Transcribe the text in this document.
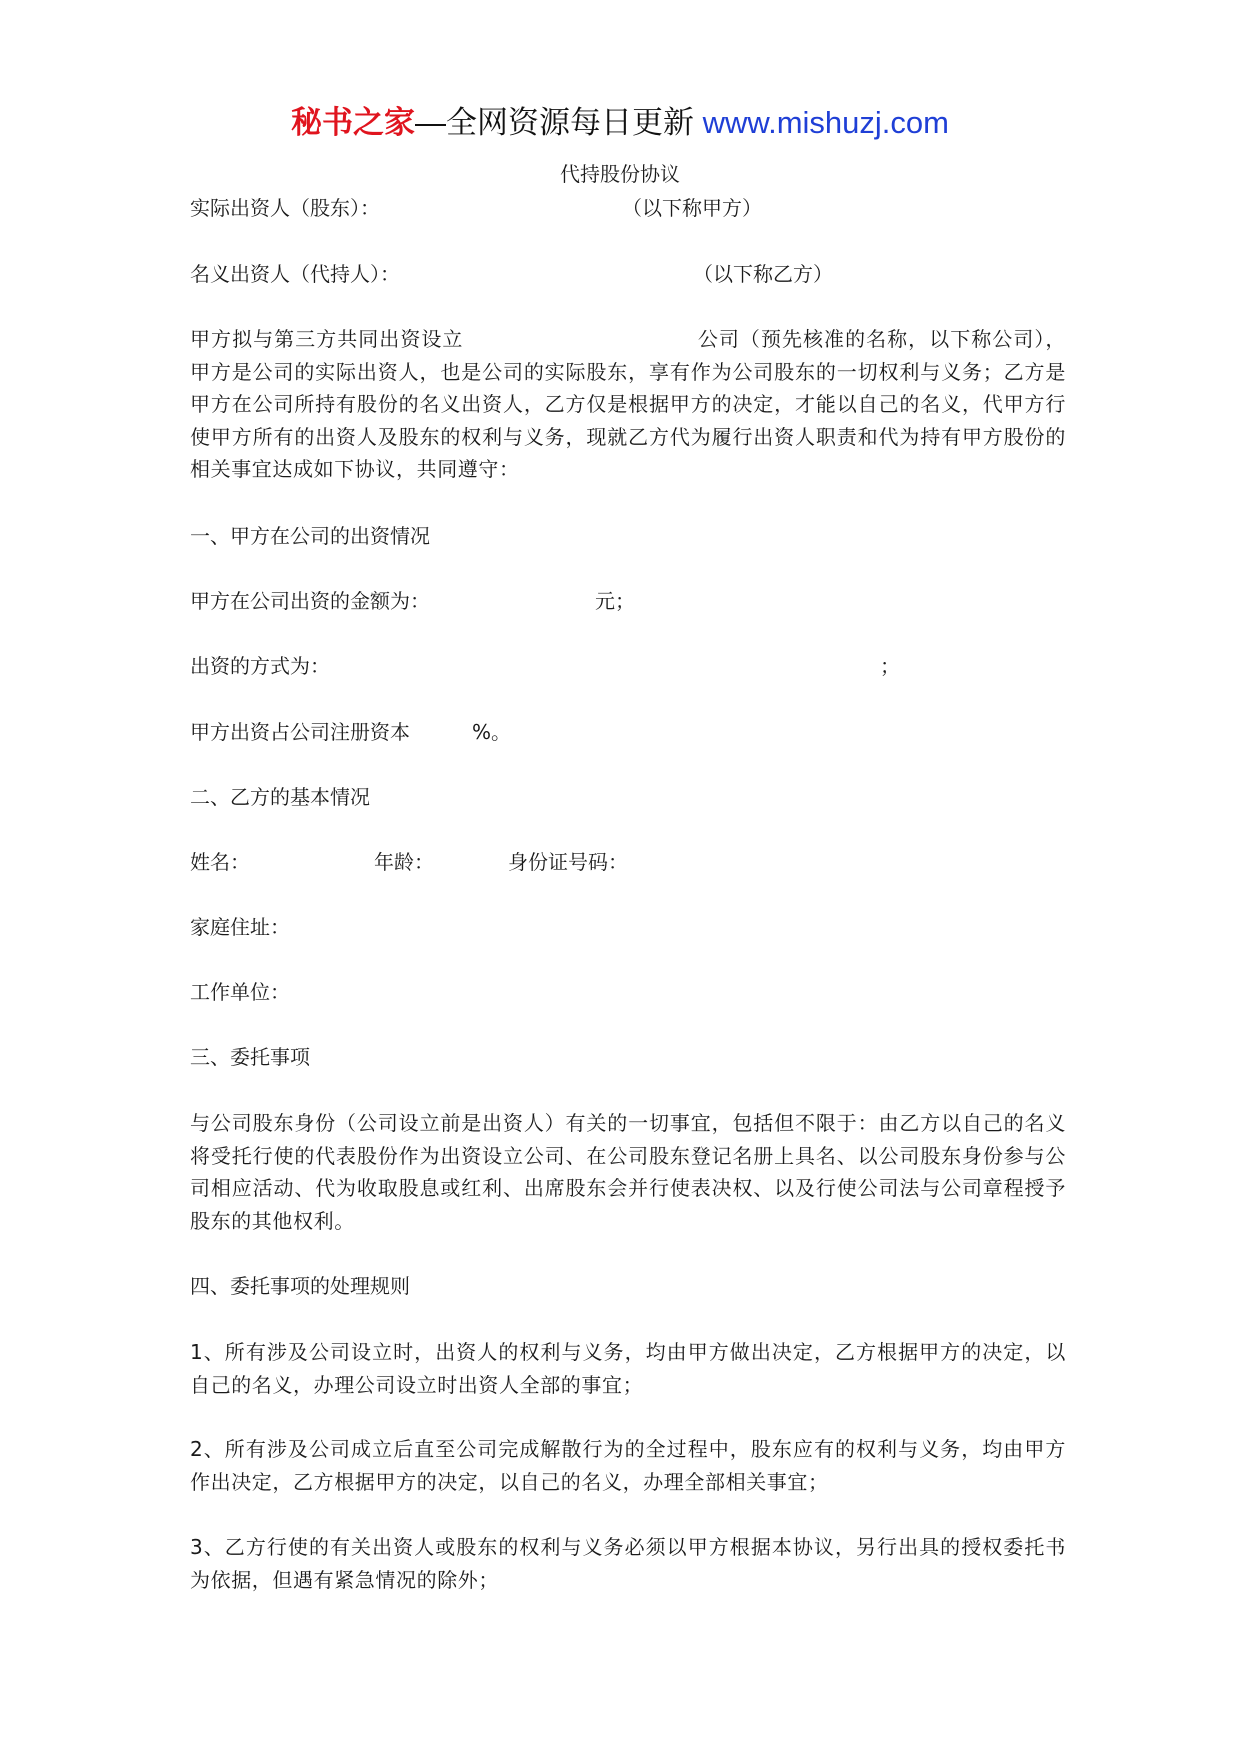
秘书之家—全网资源每日更新 www.mishuzj.com
代持股份协议
实际出资人（股东）：	（以下称甲方）
名义出资人（代持人）：	（以下称乙方）
甲方拟与第三方共同出资设立	公司（预先核准的名称，以下称公司），甲方是公司的实际出资人，也是公司的实际股东，享有作为公司股东的一切权利与义务；乙方是甲方在公司所持有股份的名义出资人，乙方仅是根据甲方的决定，才能以自己的名义，代甲方行使甲方所有的出资人及股东的权利与义务，现就乙方代为履行出资人职责和代为持有甲方股份的相关事宜达成如下协议，共同遵守：
一、甲方在公司的出资情况
甲方在公司出资的金额为：	元；
出资的方式为：	；
甲方出资占公司注册资本	%。
二、乙方的基本情况
姓名：	年龄：	身份证号码：
家庭住址：
工作单位：
三、委托事项
与公司股东身份（公司设立前是出资人）有关的一切事宜，包括但不限于：由乙方以自己的名义将受托行使的代表股份作为出资设立公司、在公司股东登记名册上具名、以公司股东身份参与公司相应活动、代为收取股息或红利、出席股东会并行使表决权、以及行使公司法与公司章程授予股东的其他权利。
四、委托事项的处理规则
1、所有涉及公司设立时，出资人的权利与义务，均由甲方做出决定，乙方根据甲方的决定，以自己的名义，办理公司设立时出资人全部的事宜；
2、所有涉及公司成立后直至公司完成解散行为的全过程中，股东应有的权利与义务，均由甲方作出决定，乙方根据甲方的决定，以自己的名义，办理全部相关事宜；
3、乙方行使的有关出资人或股东的权利与义务必须以甲方根据本协议，另行出具的授权委托书为依据，但遇有紧急情况的除外；
